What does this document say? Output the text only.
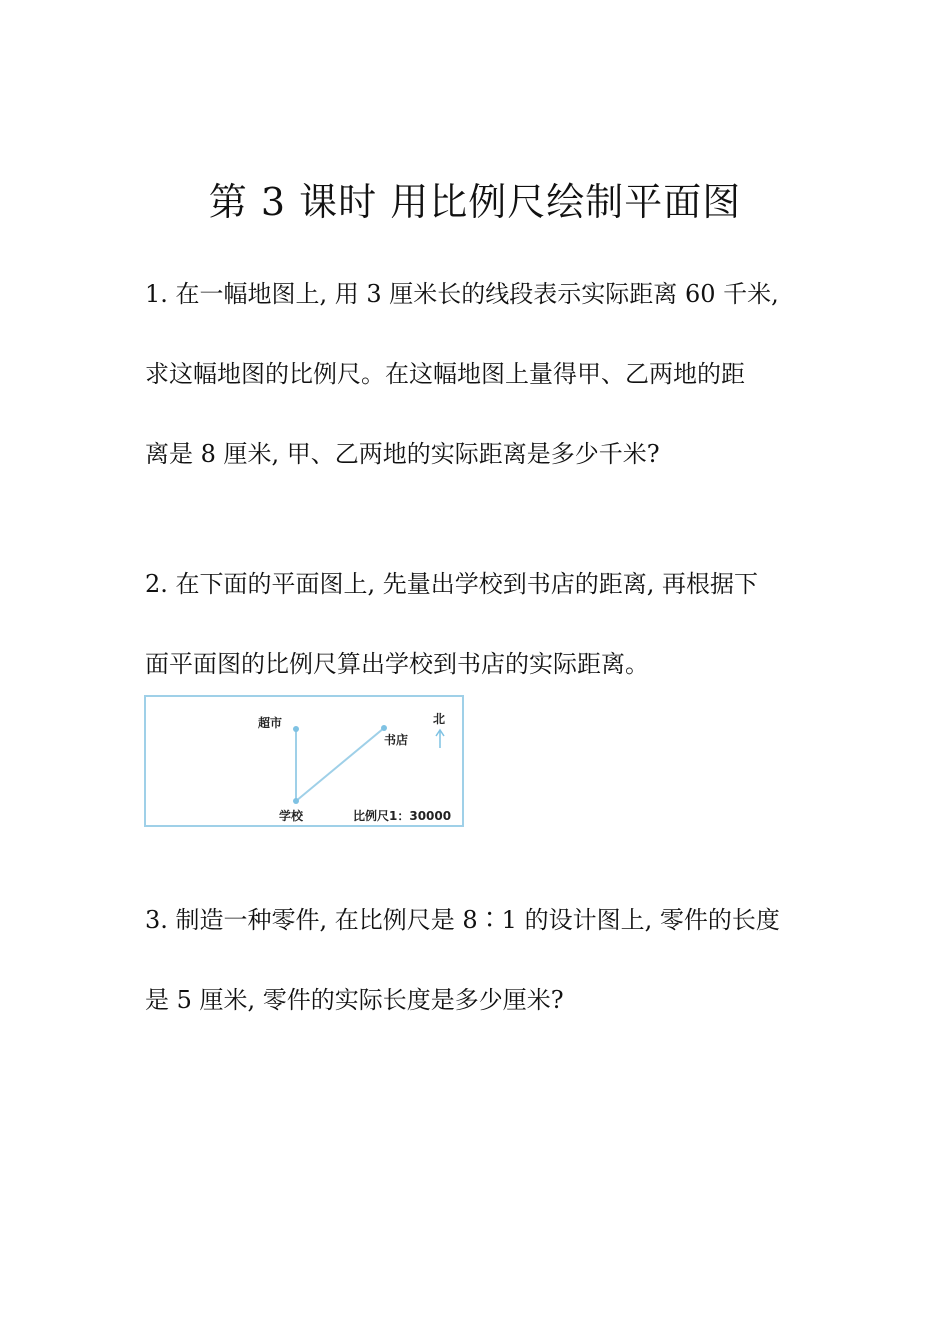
第 3 课时 用比例尺绘制平面图
1. 在一幅地图上, 用 3 厘米长的线段表示实际距离 60 千米,
求这幅地图的比例尺。在这幅地图上量得甲、乙两地的距
离是 8 厘米, 甲、乙两地的实际距离是多少千米?
2. 在下面的平面图上, 先量出学校到书店的距离, 再根据下
面平面图的比例尺算出学校到书店的实际距离。
超市
书店
学校
北
比例尺1：30000
3. 制造一种零件, 在比例尺是 8∶1 的设计图上, 零件的长度
是 5 厘米, 零件的实际长度是多少厘米?
